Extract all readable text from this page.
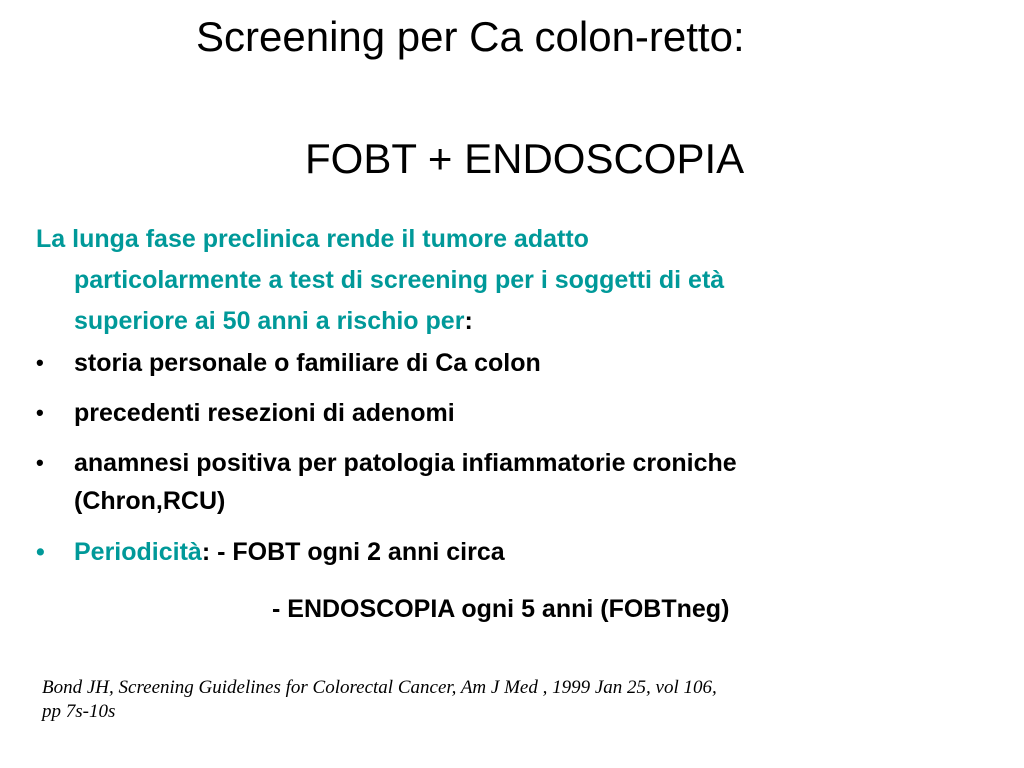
Screening per Ca colon-retto:
FOBT + ENDOSCOPIA
La lunga fase preclinica rende il tumore adatto
particolarmente a test di screening per i soggetti di età
superiore ai 50 anni a rischio per:
•	storia personale o familiare di Ca colon
•	precedenti resezioni di adenomi
•	anamnesi positiva per patologia infiammatorie croniche
(Chron,RCU)
•	Periodicità: - FOBT ogni 2 anni circa
- ENDOSCOPIA ogni 5 anni (FOBTneg)
Bond JH, Screening Guidelines for Colorectal Cancer, Am J Med , 1999 Jan 25, vol 106,
pp 7s-10s
